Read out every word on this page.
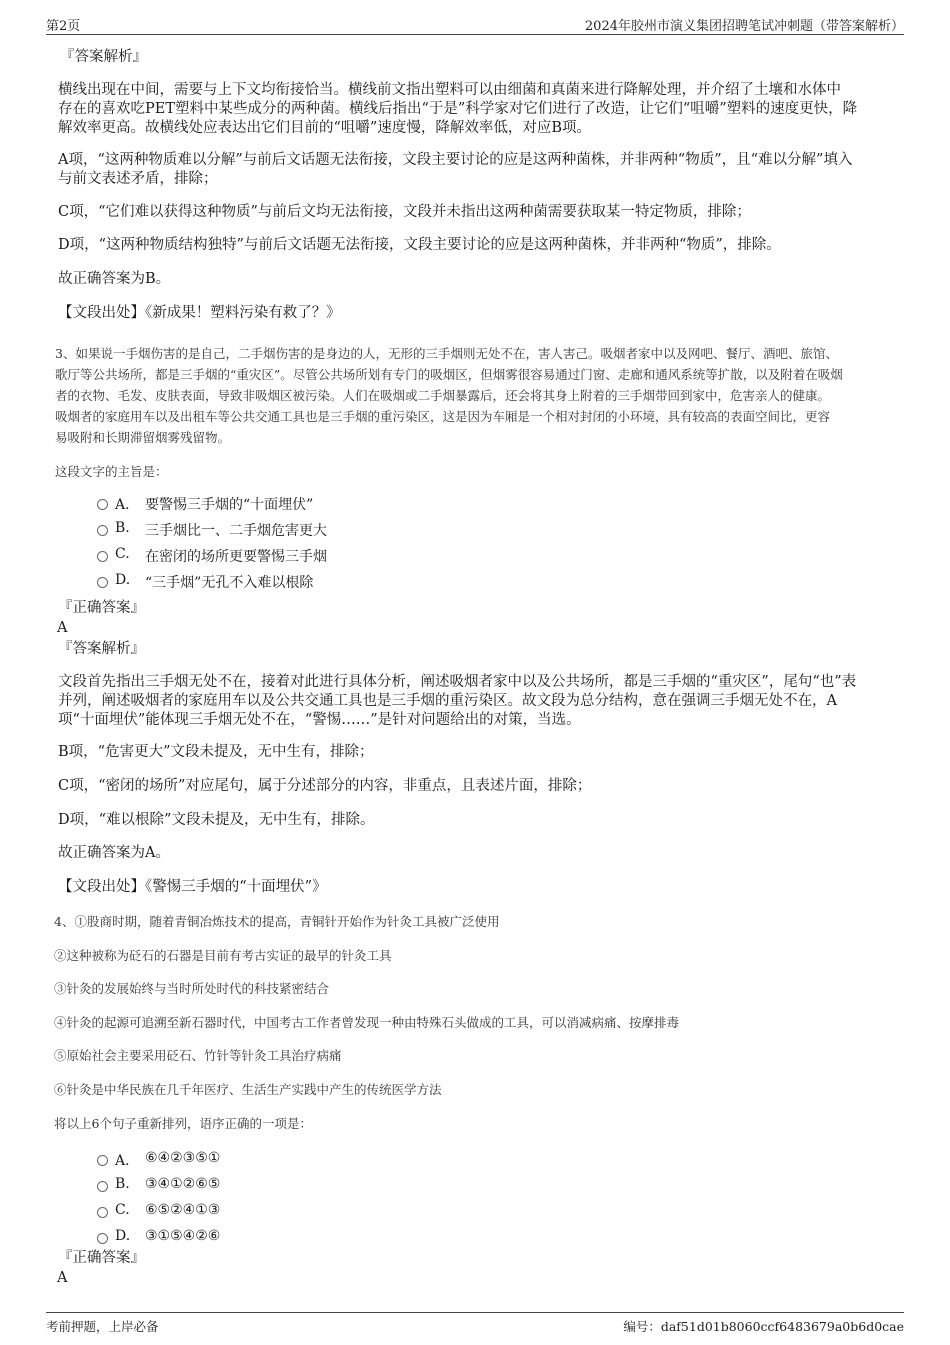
第2页	2024年胶州市演义集团招聘笔试冲刺题（带答案解析）

『答案解析』

横线出现在中间，需要与上下文均衔接恰当。横线前文指出塑料可以由细菌和真菌来进行降解处理，并介绍了土壤和水体中

存在的喜欢吃PET塑料中某些成分的两种菌。横线后指出“于是”科学家对它们进行了改造，让它们“咀嚼”塑料的速度更快，降

解效率更高。故横线处应表达出它们目前的“咀嚼”速度慢，降解效率低，对应B项。

A项，“这两种物质难以分解”与前后文话题无法衔接，文段主要讨论的应是这两种菌株，并非两种“物质”，且“难以分解”填入

与前文表述矛盾，排除；

C项，“它们难以获得这种物质”与前后文均无法衔接，文段并未指出这两种菌需要获取某一特定物质，排除；

D项，“这两种物质结构独特”与前后文话题无法衔接，文段主要讨论的应是这两种菌株，并非两种“物质”，排除。

故正确答案为B。

【文段出处】《新成果！塑料污染有救了？》

3、如果说一手烟伤害的是自己，二手烟伤害的是身边的人，无形的三手烟则无处不在，害人害己。吸烟者家中以及网吧、餐厅、酒吧、旅馆、

歌厅等公共场所，都是三手烟的“重灾区”。尽管公共场所划有专门的吸烟区，但烟雾很容易通过门窗、走廊和通风系统等扩散，以及附着在吸烟

者的衣物、毛发、皮肤表面，导致非吸烟区被污染。人们在吸烟或二手烟暴露后，还会将其身上附着的三手烟带回到家中，危害亲人的健康。

吸烟者的家庭用车以及出租车等公共交通工具也是三手烟的重污染区，这是因为车厢是一个相对封闭的小环境，具有较高的表面空间比，更容

易吸附和长期滞留烟雾残留物。

这段文字的主旨是：

A． 要警惕三手烟的“十面埋伏”
B. 三手烟比一、二手烟危害更大
C. 在密闭的场所更要警惕三手烟
D. “三手烟”无孔不入难以根除

『正确答案』

A

『答案解析』

文段首先指出三手烟无处不在，接着对此进行具体分析，阐述吸烟者家中以及公共场所，都是三手烟的“重灾区”，尾句“也”表

并列，阐述吸烟者的家庭用车以及公共交通工具也是三手烟的重污染区。故文段为总分结构，意在强调三手烟无处不在，A

项“十面埋伏”能体现三手烟无处不在，“警惕……”是针对问题给出的对策，当选。

B项，“危害更大”文段未提及，无中生有，排除；

C项，“密闭的场所”对应尾句，属于分述部分的内容，非重点，且表述片面，排除；

D项，“难以根除”文段未提及，无中生有，排除。

故正确答案为A。

【文段出处】《警惕三手烟的“十面埋伏”》

4、①股商时期，随着青铜冶炼技术的提高，青铜针开始作为针灸工具被广泛使用

②这种被称为砭石的石器是目前有考古实证的最早的针灸工具

③针灸的发展始终与当时所处时代的科技紧密结合

④针灸的起源可追溯至新石器时代，中国考古工作者曾发现一种由特殊石头做成的工具，可以消减病痛、按摩排毒

⑤原始社会主要采用砭石、竹针等针灸工具治疗病痛

⑥针灸是中华民族在几千年医疗、生活生产实践中产生的传统医学方法

将以上6个句子重新排列，语序正确的一项是：

A． ⑥④②③⑤①
B. ③④①②⑥⑤
C. ⑥⑤②④①③
D. ③①⑤④②⑥

『正确答案』

A

考前押题，上岸必备	编号：daf51d01b8060ccf6483679a0b6d0cae
